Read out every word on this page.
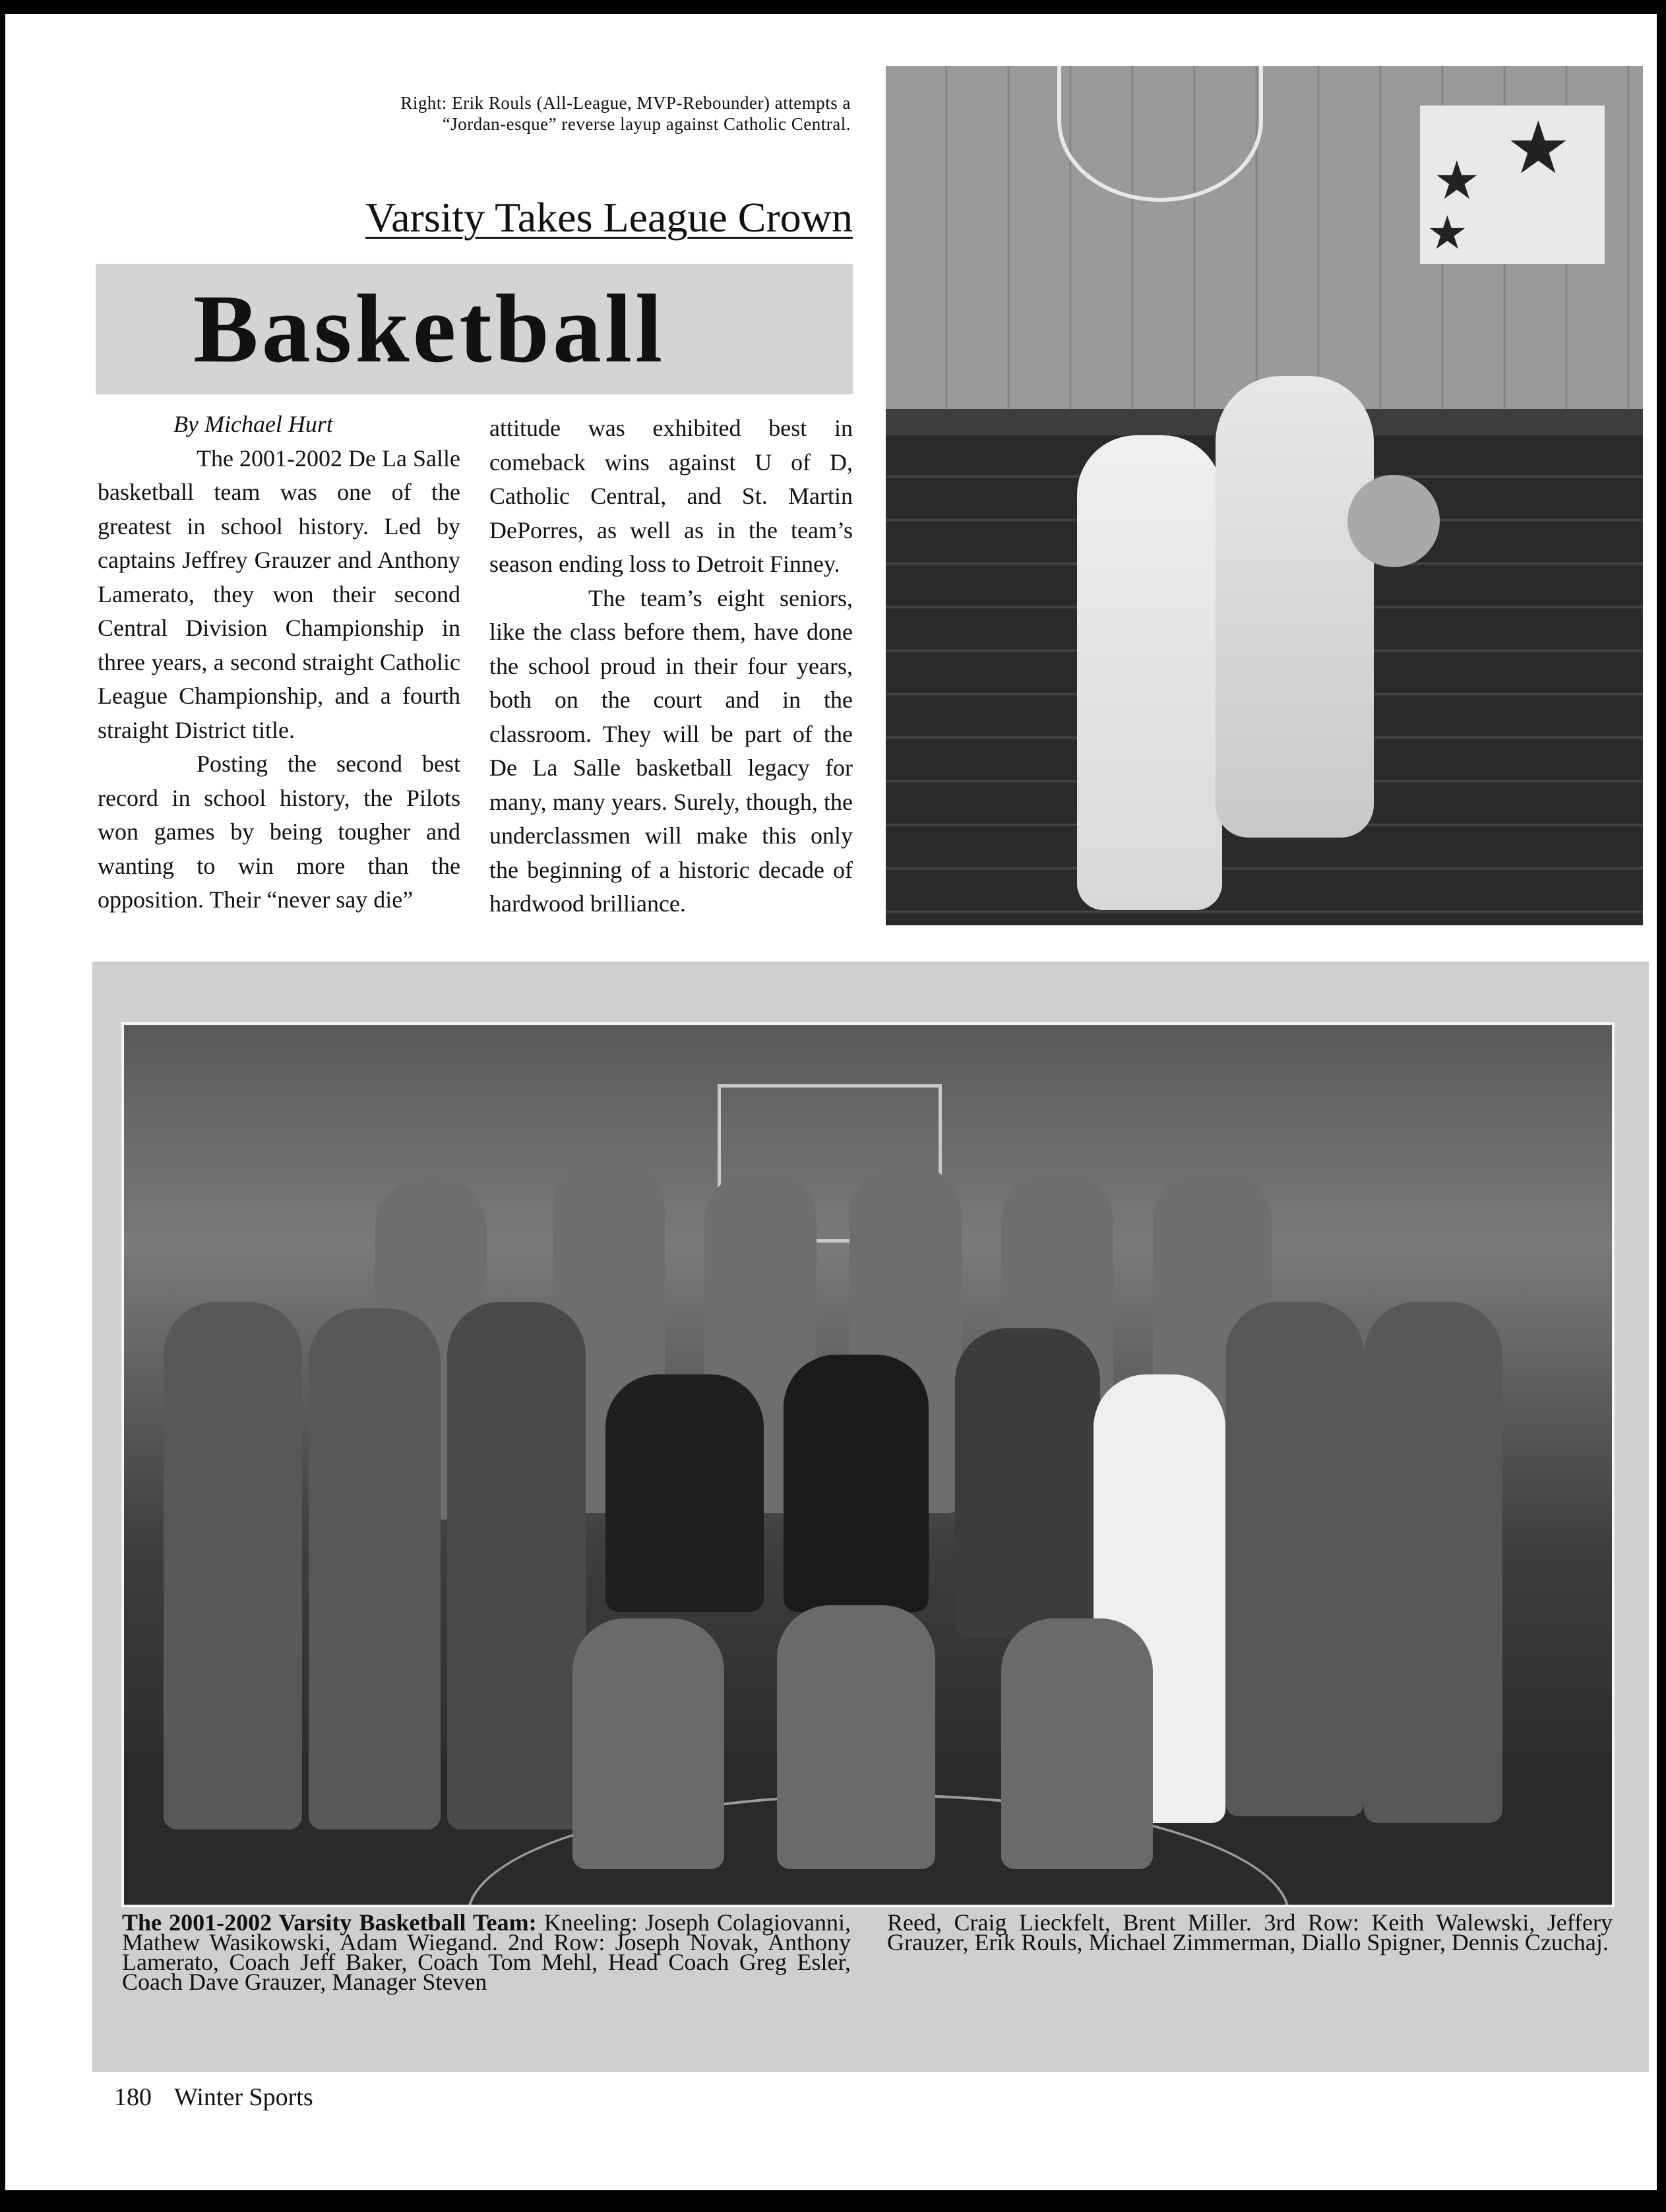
Right: Erik Rouls (All-League, MVP-Rebounder) attempts a “Jordan-esque” reverse layup against Catholic Central.
Varsity Takes League Crown
Basketball

By Michael Hurt

The 2001-2002 De La Salle basketball team was one of the greatest in school history. Led by captains Jeffrey Grauzer and Anthony Lamerato, they won their second Central Division Championship in three years, a second straight Catholic League Championship, and a fourth straight District title.

Posting the second best record in school history, the Pilots won games by being tougher and wanting to win more than the opposition. Their “never say die”

attitude was exhibited best in comeback wins against U of D, Catholic Central, and St. Martin DePorres, as well as in the team’s season ending loss to Detroit Finney.

The team’s eight seniors, like the class before them, have done the school proud in their four years, both on the court and in the classroom. They will be part of the De La Salle basketball legacy for many, many years. Surely, though, the underclassmen will make this only the beginning of a historic decade of hardwood brilliance.

★
★
★
The 2001-2002 Varsity Basketball Team: Kneeling: Joseph Colagiovanni, Mathew Wasikowski, Adam Wiegand. 2nd Row: Joseph Novak, Anthony Lamerato, Coach Jeff Baker, Coach Tom Mehl, Head Coach Greg Esler, Coach Dave Grauzer, Manager Steven
Reed, Craig Lieckfelt, Brent Miller. 3rd Row: Keith Walewski, Jeffery Grauzer, Erik Rouls, Michael Zimmerman, Diallo Spigner, Dennis Czuchaj.
180 Winter Sports
